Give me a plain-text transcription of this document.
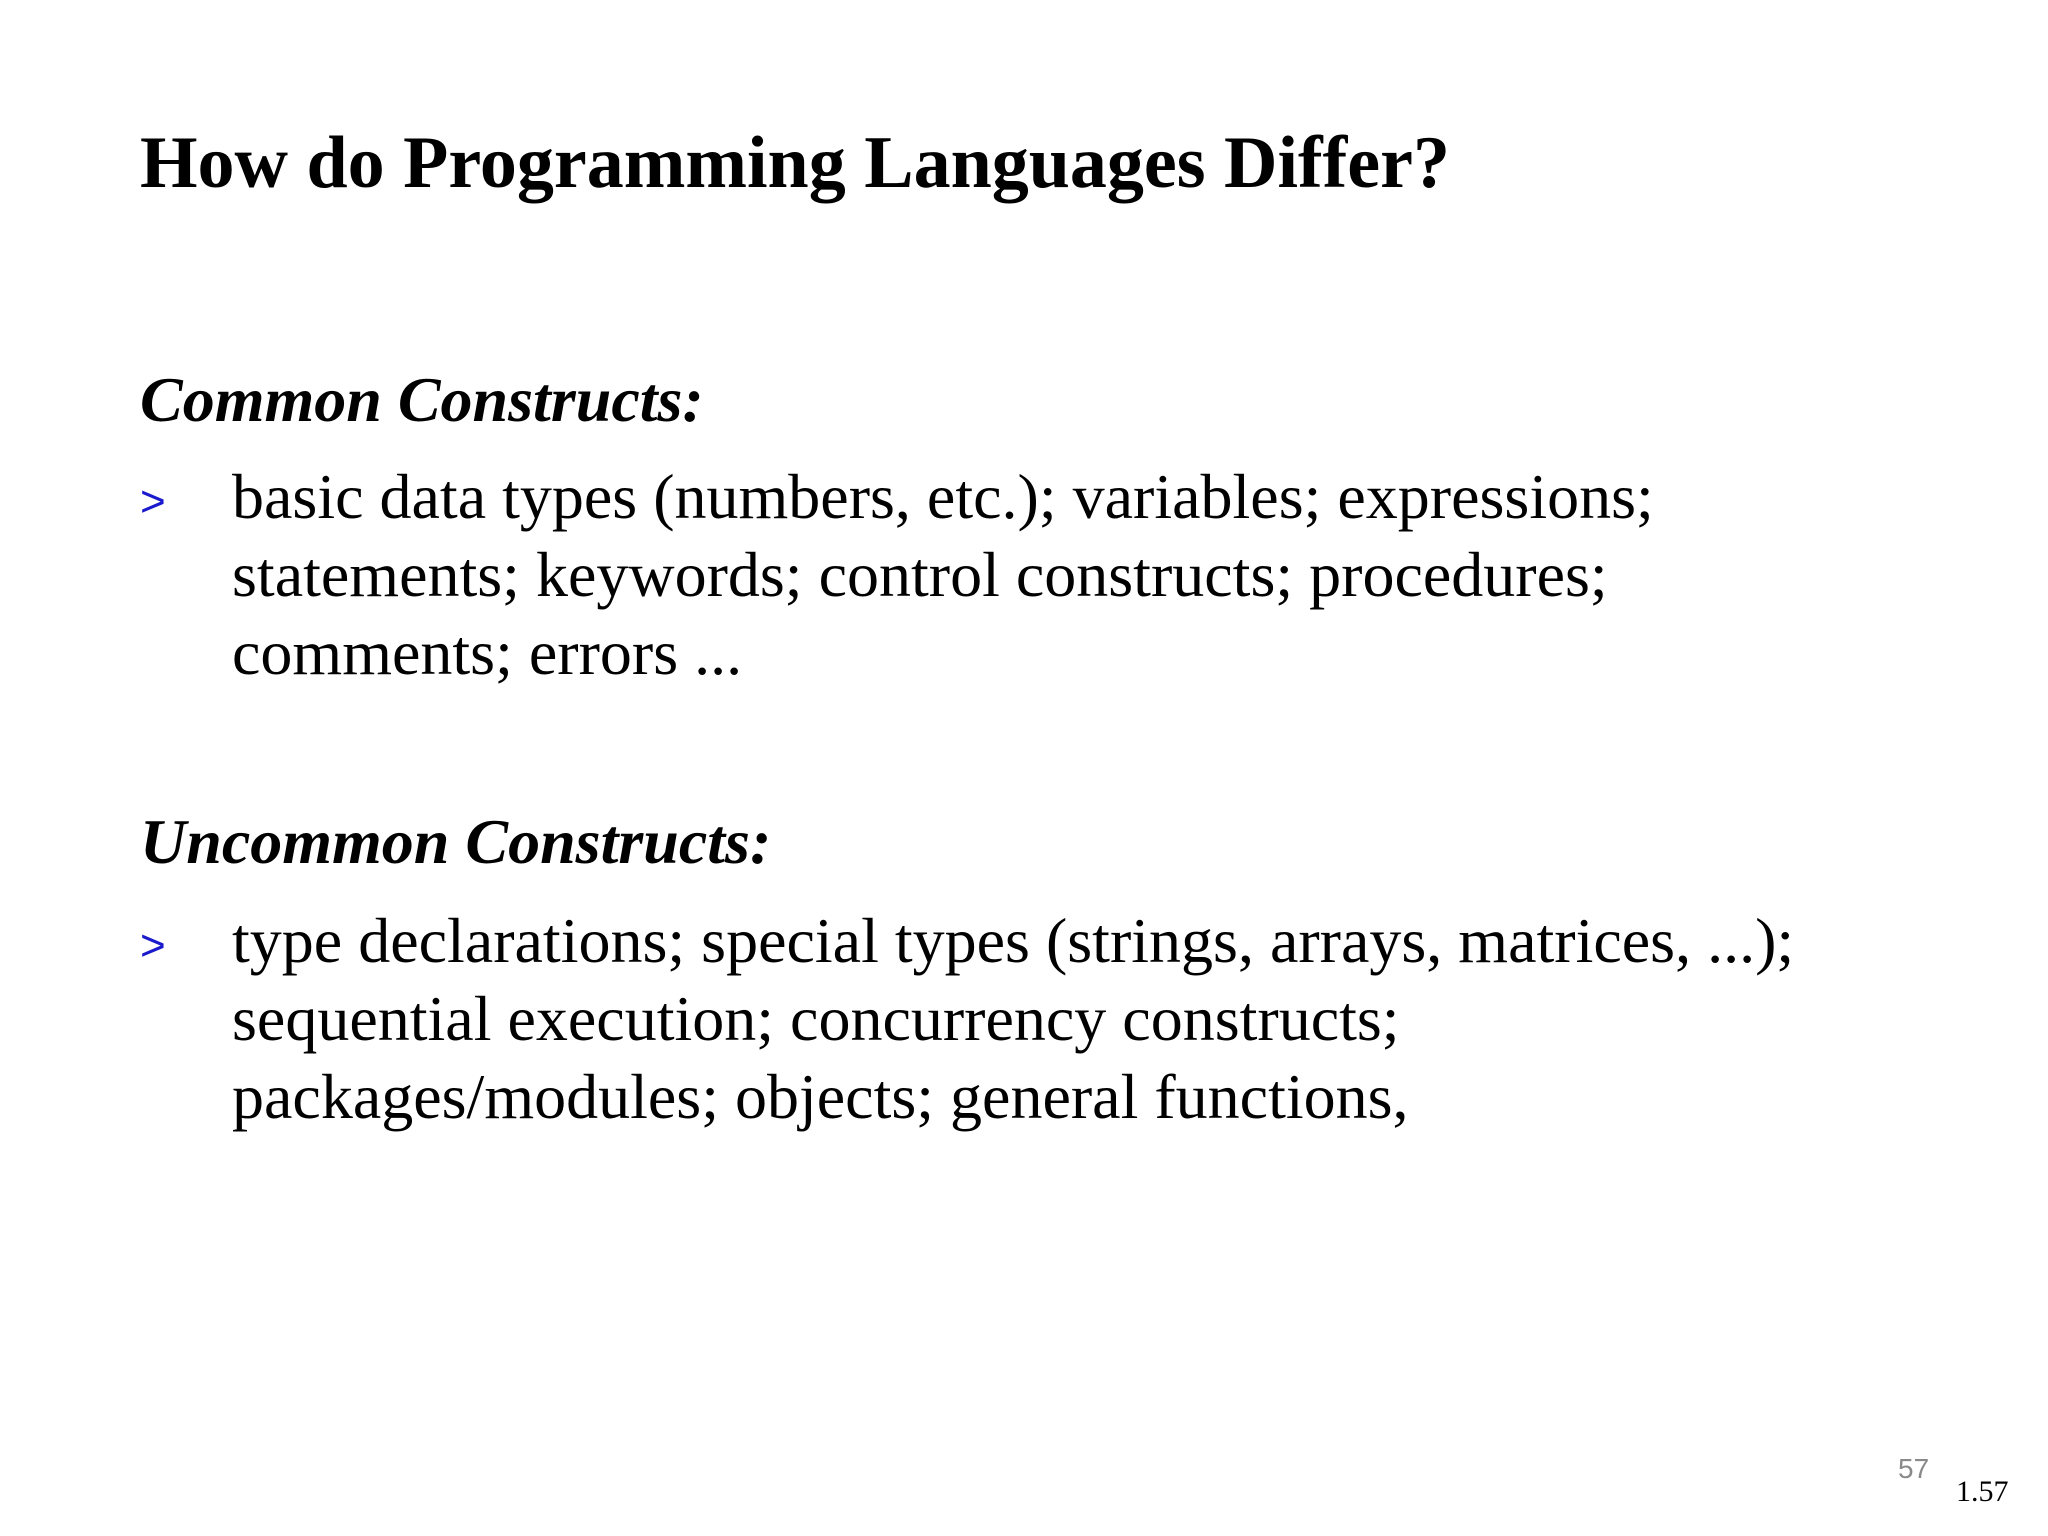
How do Programming Languages Differ?
Common Constructs:
> basic data types (numbers, etc.); variables; expressions;
statements; keywords; control constructs; procedures;
comments; errors ...
Uncommon Constructs:
> type declarations; special types (strings, arrays, matrices, ...);
sequential execution; concurrency constructs;
packages/modules; objects; general functions,
57
1.57
